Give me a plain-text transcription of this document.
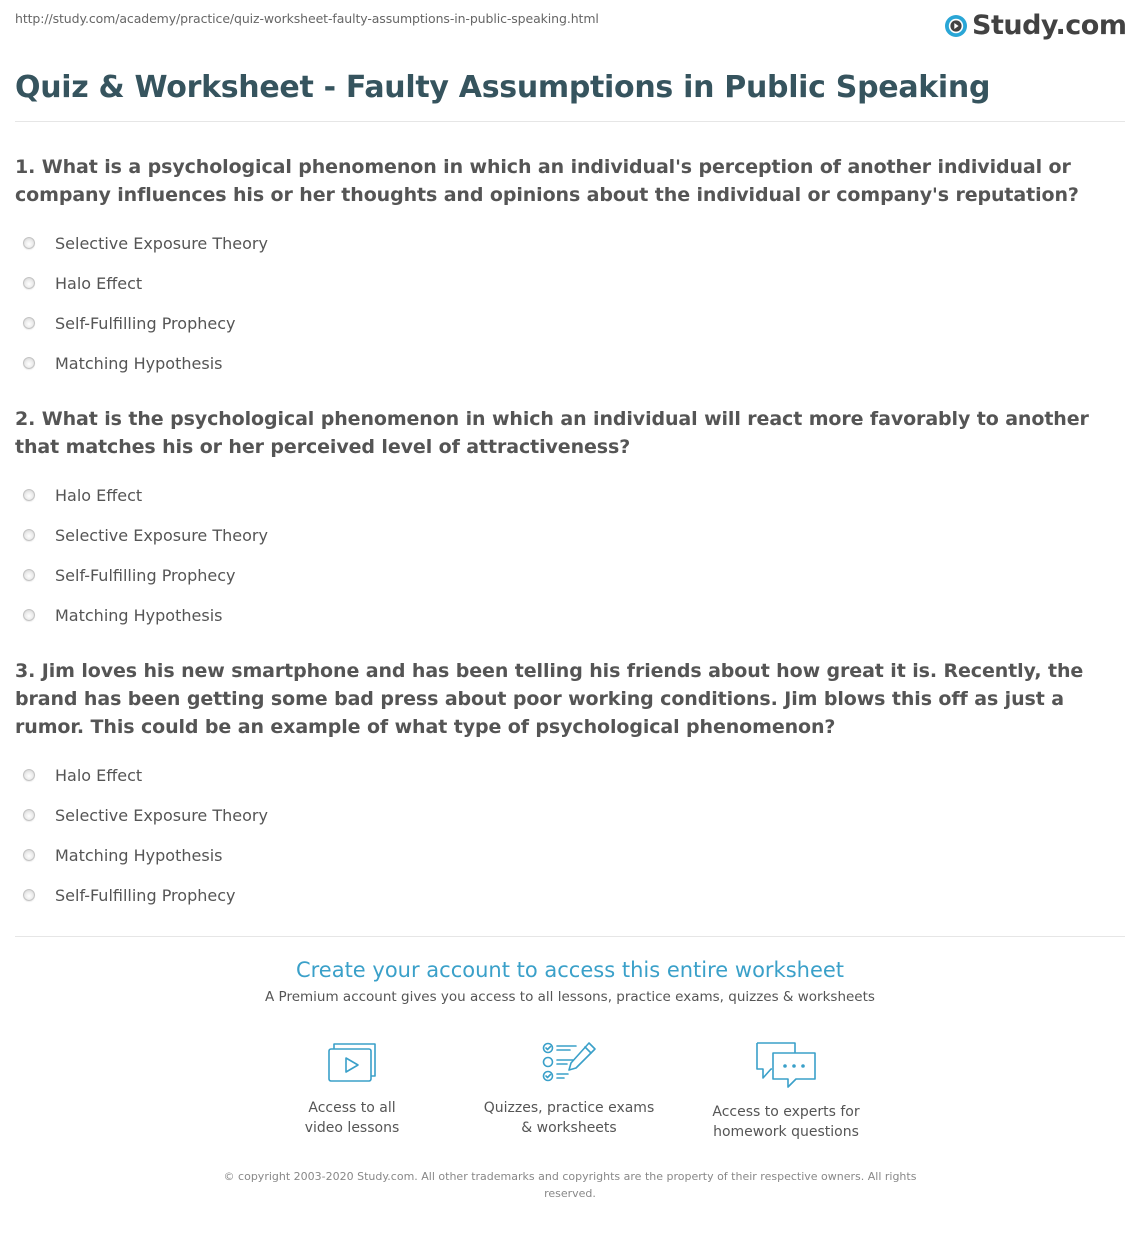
http://study.com/academy/practice/quiz-worksheet-faulty-assumptions-in-public-speaking.html	Study.com
Quiz & Worksheet - Faulty Assumptions in Public Speaking

1. What is a psychological phenomenon in which an individual's perception of another individual or company influences his or her thoughts and opinions about the individual or company's reputation?

Selective Exposure Theory
Halo Effect
Self-Fulfilling Prophecy
Matching Hypothesis

2. What is the psychological phenomenon in which an individual will react more favorably to another that matches his or her perceived level of attractiveness?

Halo Effect
Selective Exposure Theory
Self-Fulfilling Prophecy
Matching Hypothesis

3. Jim loves his new smartphone and has been telling his friends about how great it is. Recently, the brand has been getting some bad press about poor working conditions. Jim blows this off as just a rumor. This could be an example of what type of psychological phenomenon?

Halo Effect
Selective Exposure Theory
Matching Hypothesis
Self-Fulfilling Prophecy
Create your account to access this entire worksheet
A Premium account gives you access to all lessons, practice exams, quizzes & worksheets
Access to all
video lessons
Quizzes, practice exams
& worksheets
Access to experts for
homework questions
© copyright 2003-2020 Study.com. All other trademarks and copyrights are the property of their respective owners. All rights reserved.
